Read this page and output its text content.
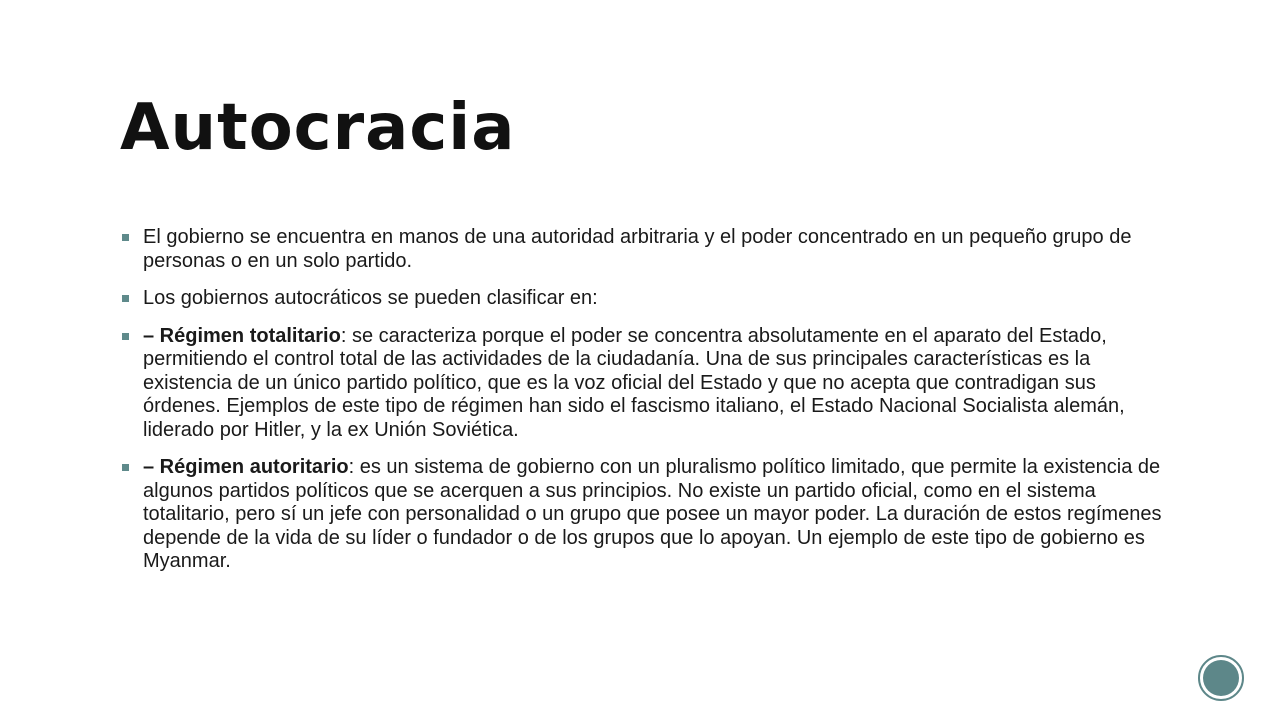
Autocracia
El gobierno se encuentra en manos de una autoridad arbitraria y el poder concentrado en un pequeño grupo de personas o en un solo partido.
Los gobiernos autocráticos se pueden clasificar en:
– Régimen totalitario: se caracteriza porque el poder se concentra absolutamente en el aparato del Estado, permitiendo el control total de las actividades de la ciudadanía. Una de sus principales características es la existencia de un único partido político, que es la voz oficial del Estado y que no acepta que contradigan sus órdenes. Ejemplos de este tipo de régimen han sido el fascismo italiano, el Estado Nacional Socialista alemán, liderado por Hitler, y la ex Unión Soviética.
– Régimen autoritario: es un sistema de gobierno con un pluralismo político limitado, que permite la existencia de algunos partidos políticos que se acerquen a sus principios. No existe un partido oficial, como en el sistema totalitario, pero sí un jefe con personalidad o un grupo que posee un mayor poder. La duración de estos regímenes depende de la vida de su líder o fundador o de los grupos que lo apoyan. Un ejemplo de este tipo de gobierno es Myanmar.
